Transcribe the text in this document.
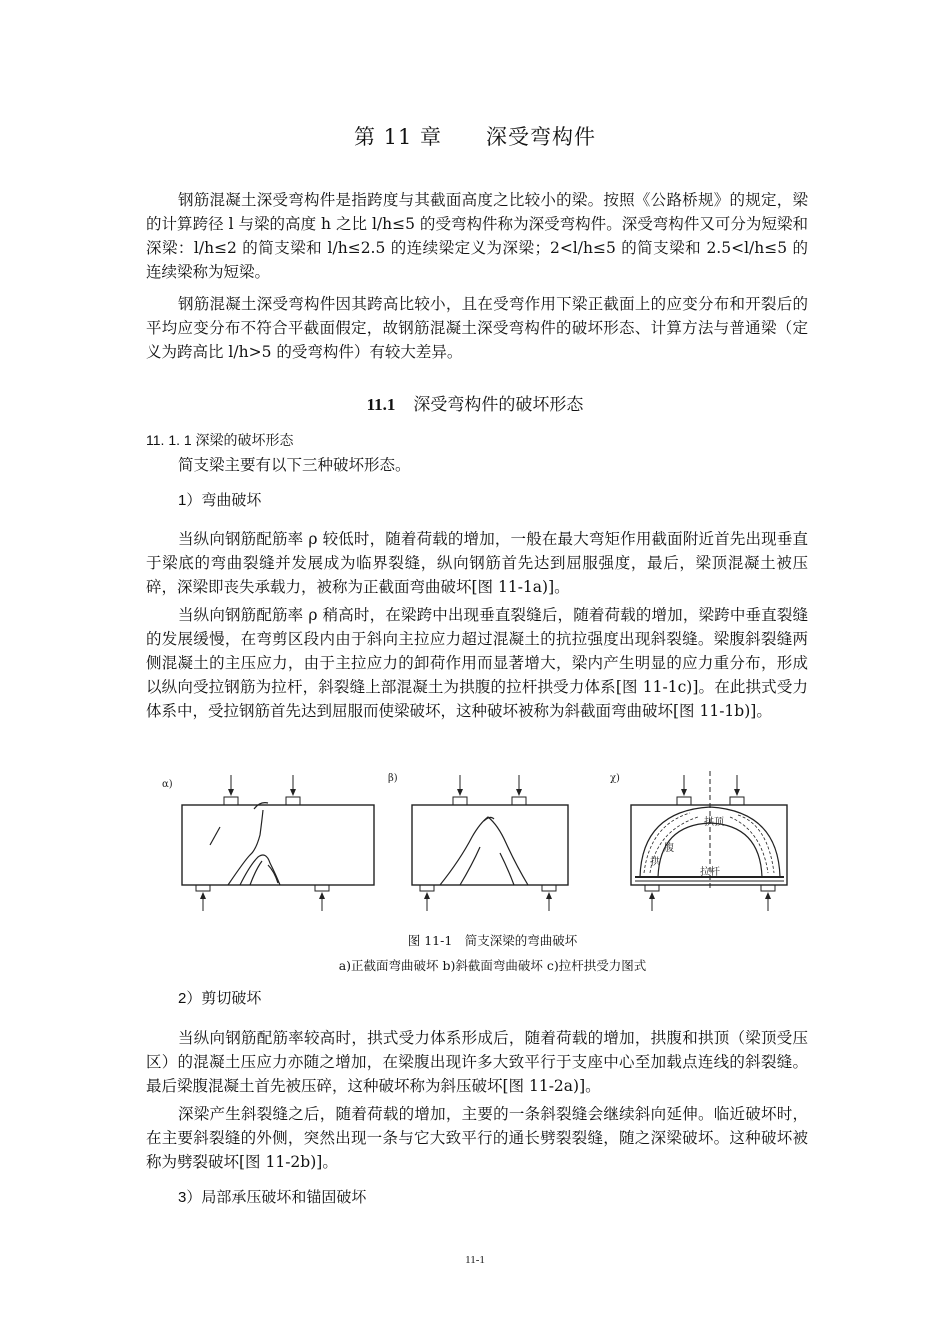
第 11 章　　深受弯构件

钢筋混凝土深受弯构件是指跨度与其截面高度之比较小的梁。按照《公路桥规》的规定，梁的计算跨径 l 与梁的高度 h 之比 l/h≤5 的受弯构件称为深受弯构件。深受弯构件又可分为短梁和深梁：l/h≤2 的简支梁和 l/h≤2.5 的连续梁定义为深梁；2<l/h≤5 的简支梁和 2.5<l/h≤5 的连续梁称为短梁。

钢筋混凝土深受弯构件因其跨高比较小，且在受弯作用下梁正截面上的应变分布和开裂后的平均应变分布不符合平截面假定，故钢筋混凝土深受弯构件的破坏形态、计算方法与普通梁（定义为跨高比 l/h>5 的受弯构件）有较大差异。

11.1 深受弯构件的破坏形态
11. 1. 1 深梁的破坏形态

简支梁主要有以下三种破坏形态。

1）弯曲破坏

当纵向钢筋配筋率 ρ 较低时，随着荷载的增加，一般在最大弯矩作用截面附近首先出现垂直于梁底的弯曲裂缝并发展成为临界裂缝，纵向钢筋首先达到屈服强度，最后，梁顶混凝土被压碎，深梁即丧失承载力，被称为正截面弯曲破坏[图 11-1a)]。

当纵向钢筋配筋率 ρ 稍高时，在梁跨中出现垂直裂缝后，随着荷载的增加，梁跨中垂直裂缝的发展缓慢，在弯剪区段内由于斜向主拉应力超过混凝土的抗拉强度出现斜裂缝。梁腹斜裂缝两侧混凝土的主压应力，由于主拉应力的卸荷作用而显著增大，梁内产生明显的应力重分布，形成以纵向受拉钢筋为拉杆，斜裂缝上部混凝土为拱腹的拉杆拱受力体系[图 11-1c)]。在此拱式受力体系中，受拉钢筋首先达到屈服而使梁破坏，这种破坏被称为斜截面弯曲破坏[图 11-1b)]。

α)
β)	χ)
拱顶
腹
拱
拉杆
图 11-1　简支深梁的弯曲破坏
a)正截面弯曲破坏 b)斜截面弯曲破坏 c)拉杆拱受力图式
2）剪切破坏

当纵向钢筋配筋率较高时，拱式受力体系形成后，随着荷载的增加，拱腹和拱顶（梁顶受压区）的混凝土压应力亦随之增加，在梁腹出现许多大致平行于支座中心至加载点连线的斜裂缝。最后梁腹混凝土首先被压碎，这种破坏称为斜压破坏[图 11-2a)]。

深梁产生斜裂缝之后，随着荷载的增加，主要的一条斜裂缝会继续斜向延伸。临近破坏时，在主要斜裂缝的外侧，突然出现一条与它大致平行的通长劈裂裂缝，随之深梁破坏。这种破坏被称为劈裂破坏[图 11-2b)]。

3）局部承压破坏和锚固破坏
11-1
